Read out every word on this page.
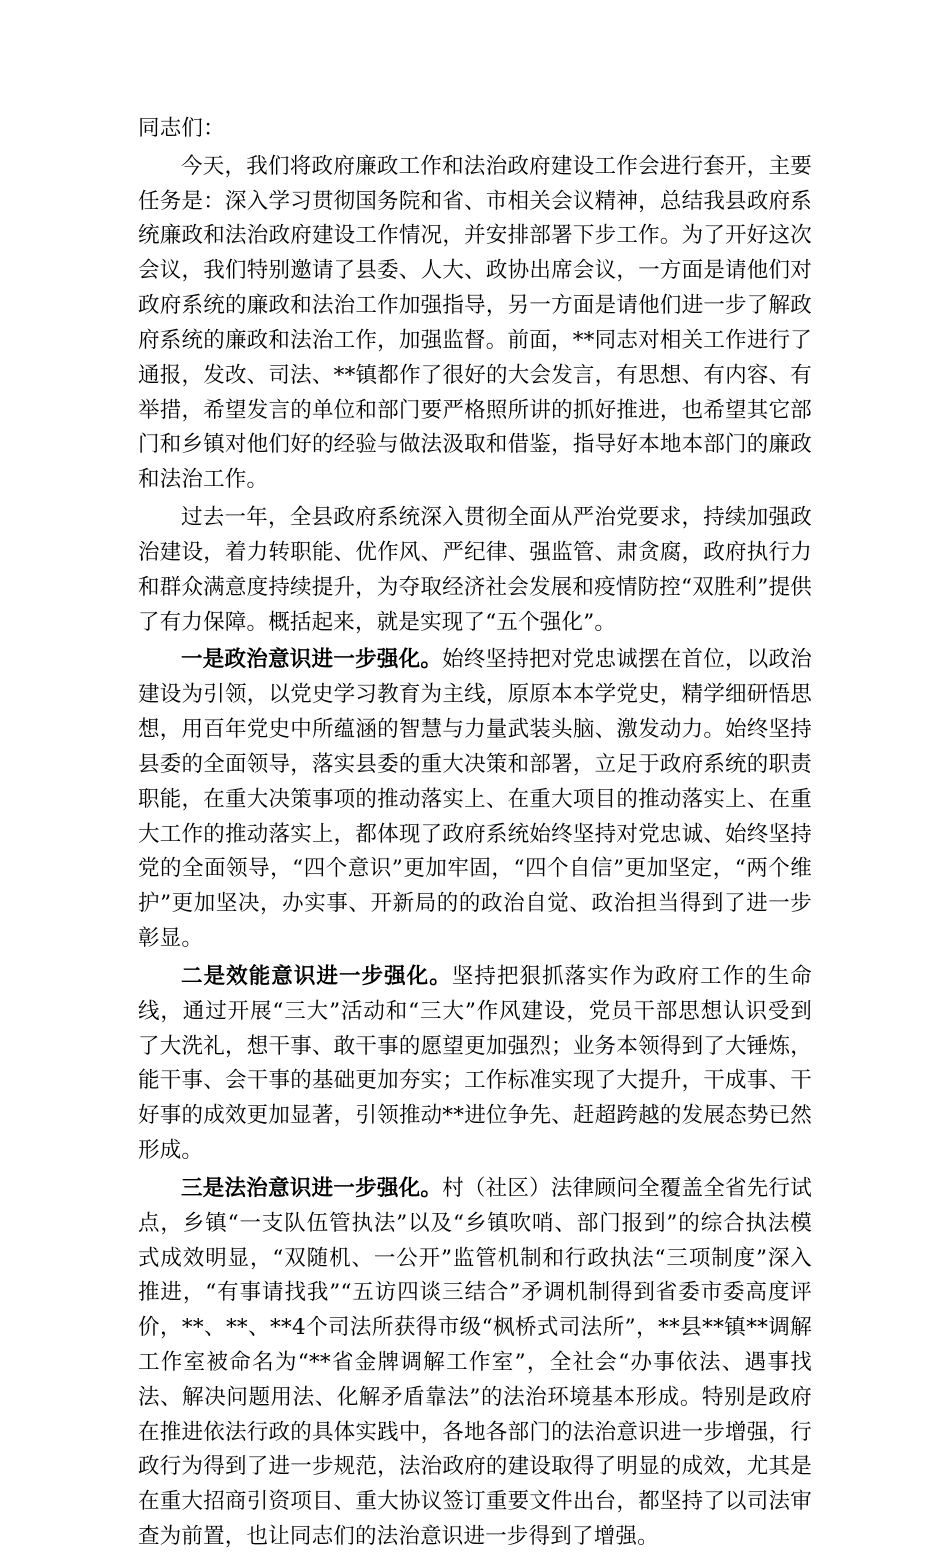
同志们：

今天，我们将政府廉政工作和法治政府建设工作会进行套开，主要任务是：深入学习贯彻国务院和省、市相关会议精神，总结我县政府系统廉政和法治政府建设工作情况，并安排部署下步工作。为了开好这次会议，我们特别邀请了县委、人大、政协出席会议，一方面是请他们对政府系统的廉政和法治工作加强指导，另一方面是请他们进一步了解政府系统的廉政和法治工作，加强监督。前面，**同志对相关工作进行了通报，发改、司法、**镇都作了很好的大会发言，有思想、有内容、有举措，希望发言的单位和部门要严格照所讲的抓好推进，也希望其它部门和乡镇对他们好的经验与做法汲取和借鉴，指导好本地本部门的廉政和法治工作。

过去一年，全县政府系统深入贯彻全面从严治党要求，持续加强政治建设，着力转职能、优作风、严纪律、强监管、肃贪腐，政府执行力和群众满意度持续提升，为夺取经济社会发展和疫情防控“双胜利”提供了有力保障。概括起来，就是实现了“五个强化”。

一是政治意识进一步强化。始终坚持把对党忠诚摆在首位，以政治建设为引领，以党史学习教育为主线，原原本本学党史，精学细研悟思想，用百年党史中所蕴涵的智慧与力量武装头脑、激发动力。始终坚持县委的全面领导，落实县委的重大决策和部署，立足于政府系统的职责职能，在重大决策事项的推动落实上、在重大项目的推动落实上、在重大工作的推动落实上，都体现了政府系统始终坚持对党忠诚、始终坚持党的全面领导，“四个意识”更加牢固，“四个自信”更加坚定，“两个维护”更加坚决，办实事、开新局的的政治自觉、政治担当得到了进一步彰显。

二是效能意识进一步强化。坚持把狠抓落实作为政府工作的生命线，通过开展“三大”活动和“三大”作风建设，党员干部思想认识受到了大洗礼，想干事、敢干事的愿望更加强烈；业务本领得到了大锤炼，能干事、会干事的基础更加夯实；工作标准实现了大提升，干成事、干好事的成效更加显著，引领推动**进位争先、赶超跨越的发展态势已然形成。

三是法治意识进一步强化。村（社区）法律顾问全覆盖全省先行试点，乡镇“一支队伍管执法”以及“乡镇吹哨、部门报到”的综合执法模式成效明显，“双随机、一公开”监管机制和行政执法“三项制度”深入推进，“有事请找我”“五访四谈三结合”矛调机制得到省委市委高度评价，**、**、**4个司法所获得市级“枫桥式司法所”，**县**镇**调解工作室被命名为“**省金牌调解工作室”，全社会“办事依法、遇事找法、解决问题用法、化解矛盾靠法”的法治环境基本形成。特别是政府在推进依法行政的具体实践中，各地各部门的法治意识进一步增强，行政行为得到了进一步规范，法治政府的建设取得了明显的成效，尤其是在重大招商引资项目、重大协议签订重要文件出台，都坚持了以司法审查为前置，也让同志们的法治意识进一步得到了增强。
